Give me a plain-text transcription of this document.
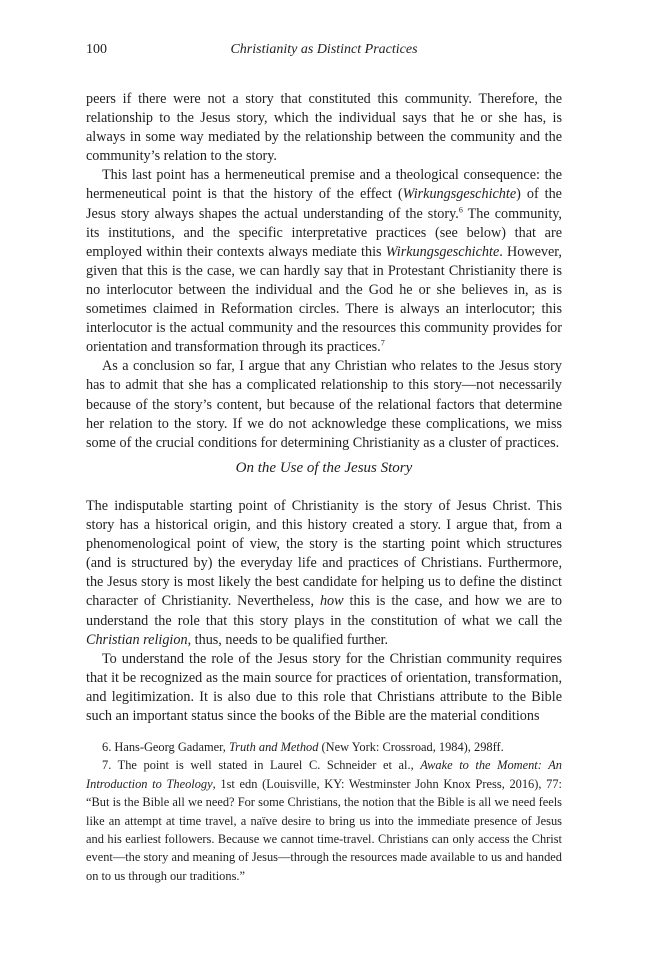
100	Christianity as Distinct Practices

peers if there were not a story that constituted this community. Therefore, the relationship to the Jesus story, which the individual says that he or she has, is always in some way mediated by the relationship between the community and the community’s relation to the story.

This last point has a hermeneutical premise and a theological consequence: the hermeneutical point is that the history of the effect (Wirkungsgeschichte) of the Jesus story always shapes the actual understanding of the story.$^6$ The community, its institutions, and the specific interpretative practices (see below) that are employed within their contexts always mediate this Wirkungsgeschichte. However, given that this is the case, we can hardly say that in Protestant Christianity there is no interlocutor between the individual and the God he or she believes in, as is sometimes claimed in Reformation circles. There is always an interlocutor; this interlocutor is the actual community and the resources this community provides for orientation and transformation through its practices.$^7$

As a conclusion so far, I argue that any Christian who relates to the Jesus story has to admit that she has a complicated relationship to this story—not necessarily because of the story’s content, but because of the relational factors that determine her relation to the story. If we do not acknowledge these complications, we miss some of the crucial conditions for determining Christianity as a cluster of practices.

On the Use of the Jesus Story

The indisputable starting point of Christianity is the story of Jesus Christ. This story has a historical origin, and this history created a story. I argue that, from a phenomenological point of view, the story is the starting point which structures (and is structured by) the everyday life and practices of Christians. Furthermore, the Jesus story is most likely the best candidate for helping us to define the distinct character of Christianity. Nevertheless, how this is the case, and how we are to understand the role that this story plays in the constitution of what we call the Christian religion, thus, needs to be qualified further.

To understand the role of the Jesus story for the Christian community requires that it be recognized as the main source for practices of orientation, transformation, and legitimization. It is also due to this role that Christians attribute to the Bible such an important status since the books of the Bible are the material conditions

6. Hans-Georg Gadamer, Truth and Method (New York: Crossroad, 1984), 298ff.

7. The point is well stated in Laurel C. Schneider et al., Awake to the Moment: An Introduction to Theology, 1st edn (Louisville, KY: Westminster John Knox Press, 2016), 77: “But is the Bible all we need? For some Christians, the notion that the Bible is all we need feels like an attempt at time travel, a naïve desire to bring us into the immediate presence of Jesus and his earliest followers. Because we cannot time-travel. Christians can only access the Christ event—the story and meaning of Jesus—through the resources made available to us and handed on to us through our traditions.”
